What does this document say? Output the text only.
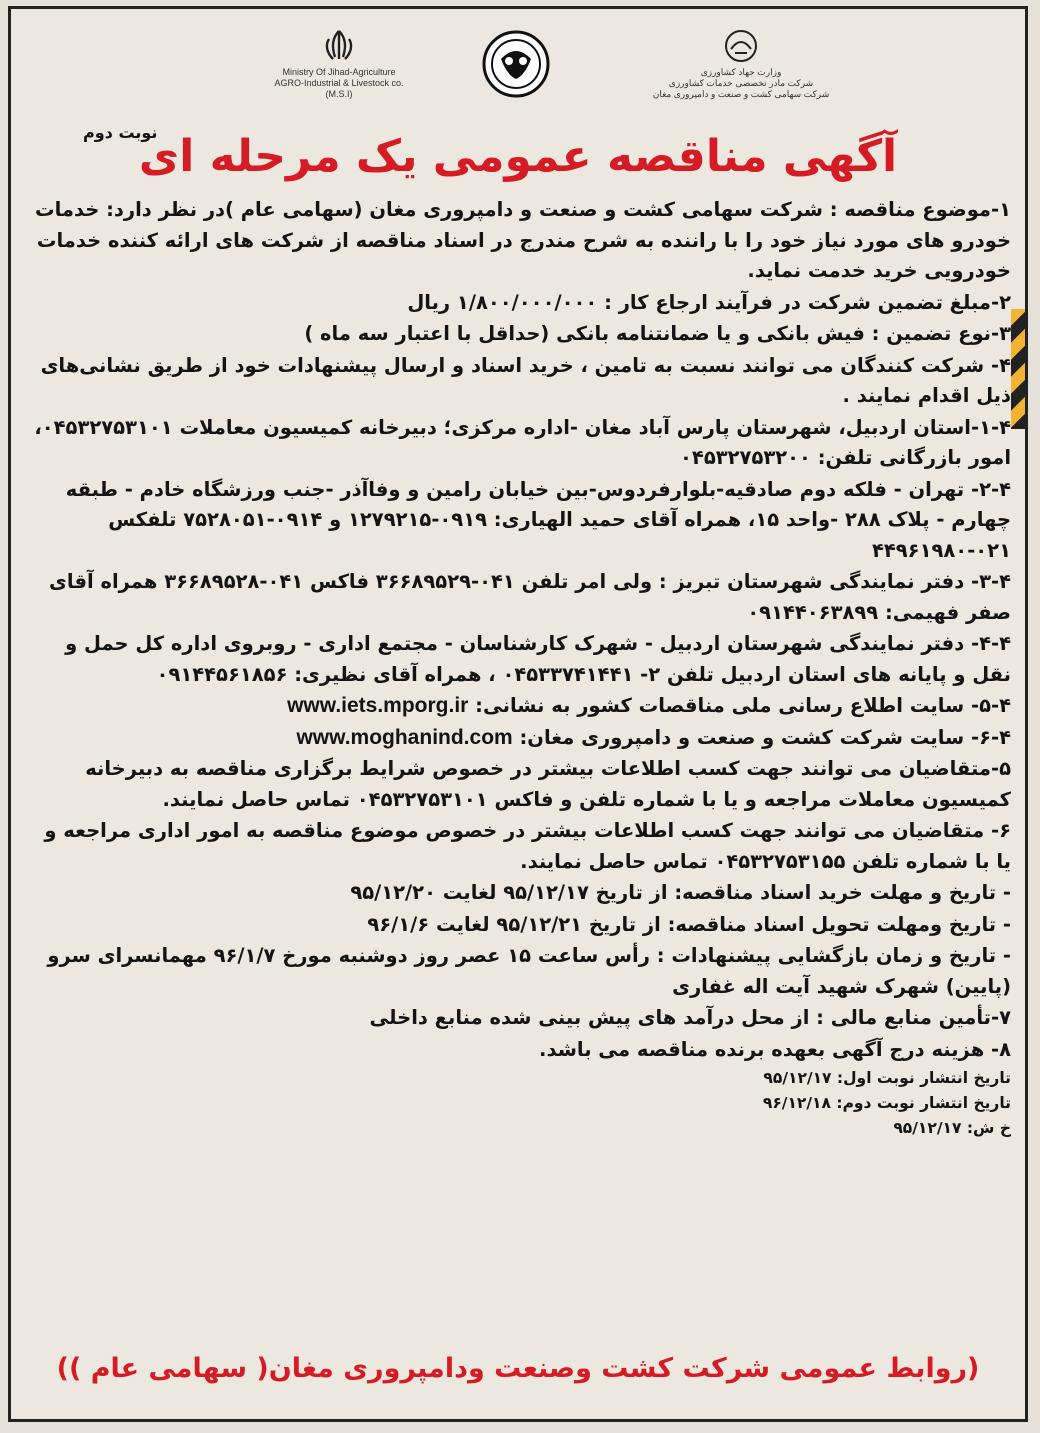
Ministry Of Jihad-Agriculture
AGRO-Industrial & Livestock co.
(M.S.I)
وزارت جهاد کشاورزی
شرکت مادر تخصصی خدمات کشاورزی
شرکت سهامی کشت و صنعت و دامپروری مغان
نوبت دوم
آگهی مناقصه عمومی یک مرحله ای

۱-موضوع مناقصه : شرکت سهامی کشت و صنعت و دامپروری مغان (سهامی عام )در نظر دارد: خدمات خودرو های مورد نیاز خود را با راننده به شرح مندرج در اسناد مناقصه از شرکت های ارائه کننده خدمات خودرویی خرید خدمت نماید.

۲-مبلغ تضمین شرکت در فرآیند ارجاع کار : ۱/۸۰۰/۰۰۰/۰۰۰ ریال

۳-نوع تضمین : فیش بانکی و یا ضمانتنامه بانکی (حداقل با اعتبار سه ماه )

۴- شرکت کنندگان می توانند نسبت به تامین ، خرید اسناد و ارسال پیشنهادات خود از طریق نشانی‌های ذیل اقدام نمایند .

۱-۴-استان اردبیل، شهرستان پارس آباد مغان -اداره مرکزی؛ دبیرخانه کمیسیون معاملات ۰۴۵۳۲۷۵۳۱۰۱، امور بازرگانی تلفن: ۰۴۵۳۲۷۵۳۲۰۰

۲-۴- تهران - فلکه دوم صادقیه-بلوارفردوس-بین خیابان رامین و وفاآذر -جنب ورزشگاه خادم - طبقه چهارم - پلاک ۲۸۸ -واحد ۱۵، همراه آقای حمید الهیاری: ۰۹۱۹-۱۲۷۹۲۱۵ و ۰۹۱۴-۷۵۲۸۰۵۱ تلفکس ۰۲۱-۴۴۹۶۱۹۸۰

۳-۴- دفتر نمایندگی شهرستان تبریز : ولی امر تلفن ۰۴۱-۳۶۶۸۹۵۲۹ فاکس ۰۴۱-۳۶۶۸۹۵۲۸ همراه آقای صفر فهیمی: ۰۹۱۴۴۰۶۳۸۹۹

۴-۴- دفتر نمایندگی شهرستان اردبیل - شهرک کارشناسان - مجتمع اداری - روبروی اداره کل حمل و نقل و پایانه های استان اردبیل تلفن ۲- ۰۴۵۳۳۷۴۱۴۴۱ ، همراه آقای نظیری: ۰۹۱۴۴۵۶۱۸۵۶

۵-۴- سایت اطلاع رسانی ملی مناقصات کشور به نشانی: www.iets.mporg.ir

۶-۴- سایت شرکت کشت و صنعت و دامپروری مغان: www.moghanind.com

۵-متقاضیان می توانند جهت کسب اطلاعات بیشتر در خصوص شرایط برگزاری مناقصه به دبیرخانه کمیسیون معاملات مراجعه و یا با شماره تلفن و فاکس ۰۴۵۳۲۷۵۳۱۰۱ تماس حاصل نمایند.

۶- متقاضیان می توانند جهت کسب اطلاعات بیشتر در خصوص موضوع مناقصه به امور اداری مراجعه و یا با شماره تلفن ۰۴۵۳۲۷۵۳۱۵۵ تماس حاصل نمایند.

- تاریخ و مهلت خرید اسناد مناقصه: از تاریخ ۹۵/۱۲/۱۷ لغایت ۹۵/۱۲/۲۰

- تاریخ ومهلت تحویل اسناد مناقصه: از تاریخ ۹۵/۱۲/۲۱ لغایت ۹۶/۱/۶

- تاریخ و زمان بازگشایی پیشنهادات : رأس ساعت ۱۵ عصر روز دوشنبه مورخ ۹۶/۱/۷ مهمانسرای سرو (پایین) شهرک شهید آیت اله غفاری

۷-تأمین منابع مالی : از محل درآمد های پیش بینی شده منابع داخلی

۸- هزینه درج آگهی بعهده برنده مناقصه می باشد.

تاریخ انتشار نوبت اول: ۹۵/۱۲/۱۷
تاریخ انتشار نوبت دوم: ۹۶/۱۲/۱۸
خ ش: ۹۵/۱۲/۱۷
(روابط عمومی شرکت کشت وصنعت ودامپروری مغان( سهامی عام ))
